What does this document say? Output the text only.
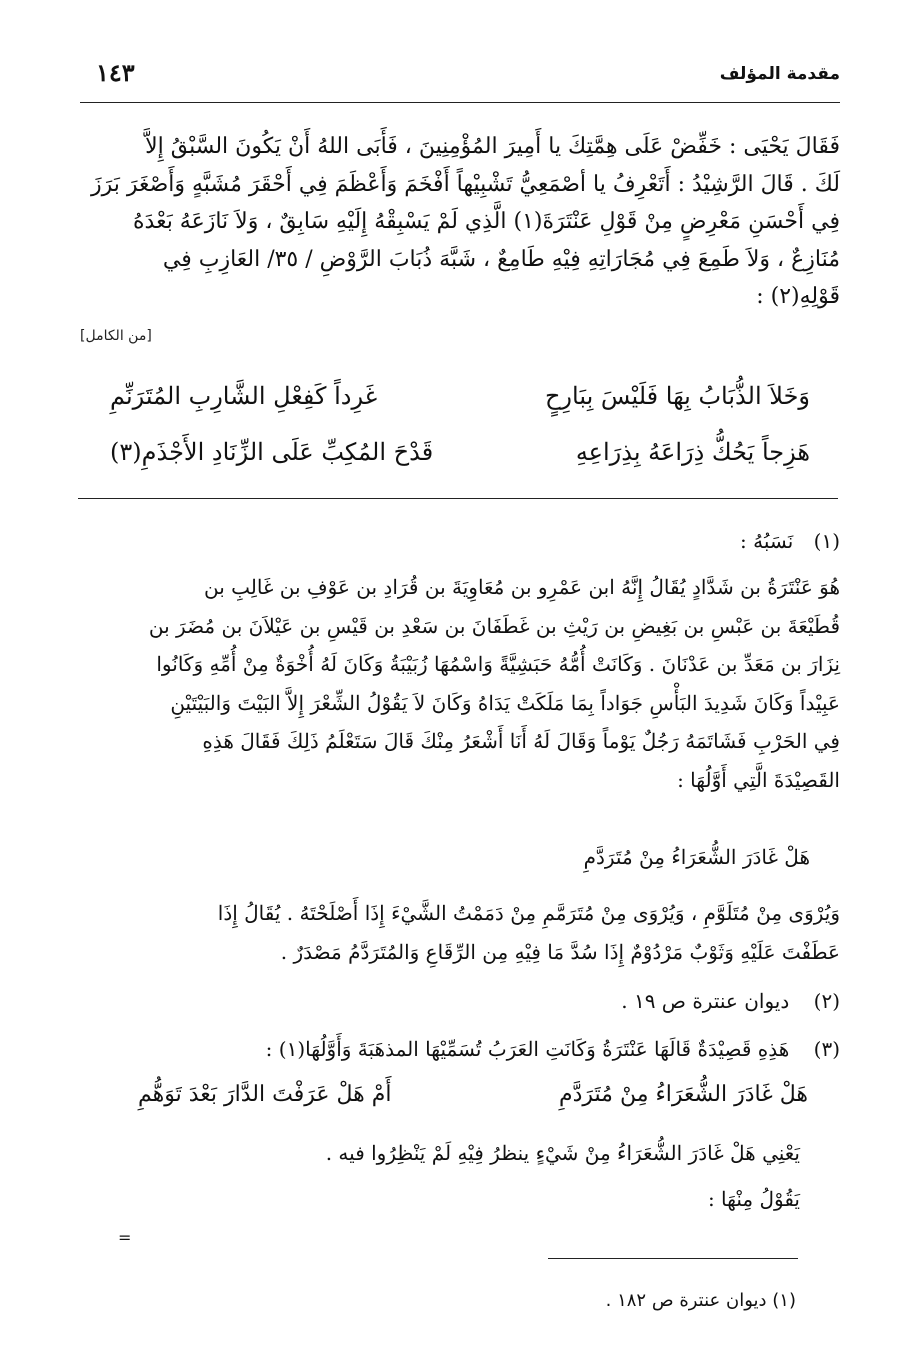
مقدمة المؤلف
١٤٣

فَقَالَ يَحْيَى : خَفِّضْ عَلَى هِمَّتِكَ يا أَمِيرَ المُؤْمِنِينَ ، فَأَبَى اللهُ أَنْ يَكُونَ السَّبْقُ إِلاَّ

لَكَ . قَالَ الرَّشِيْدُ : أَتَعْرِفُ يا أصْمَعِيُّ تَشْبِيْهاً أَفْخَمَ وَأَعْظَمَ فِي أَحْقَرَ مُشَبَّهٍ وَأَصْغَرَ بَرَزَ

فِي أَحْسَنِ مَعْرِضٍ مِنْ قَوْلِ عَنْتَرَةَ(١) الَّذِي لَمْ يَسْبِقْهُ إِلَيْهِ سَابِقٌ ، وَلاَ نَازَعَهُ بَعْدَهُ

مُنَازِعٌ ، وَلاَ طَمِعَ فِي مُجَارَاتِهِ فِيْهِ طَامِعٌ ، شَبَّهَ ذُبَابَ الرَّوْضِ / ٣٥/ العَازِبِ فِي

قَوْلِهِ(٢) :

[من الكامل]
وَخَلاَ الذُّبَابُ بِهَا فَلَيْسَ بِبَارِحٍ
غَرِداً كَفِعْلِ الشَّارِبِ المُتَرَنِّمِ
هَزِجاً يَحُكُّ ذِرَاعَهُ بِذِرَاعِهِ
قَدْحَ المُكِبِّ عَلَى الزِّنَادِ الأَجْذَمِ(٣)
(١) نَسَبُهُ :

هُوَ عَنْتَرَةُ بن شَدَّادٍ يُقَالُ إِنَّهُ ابن عَمْرِو بن مُعَاوِيَةَ بن قُرَادِ بن عَوْفِ بن غَالِبِ بن

قُطَيْعَةَ بن عَبْسِ بن بَغِيضِ بن رَيْثِ بن غَطَفَانَ بن سَعْدِ بن قَيْسِ بن عَيْلاَنَ بن مُضَرَ بن

نِزَارَ بن مَعَدِّ بن عَدْنَانَ . وَكَانَتْ أُمُّهُ حَبَشِيَّةً وَاسْمُهَا زُبَيْبَةُ وَكَانَ لَهُ أُخْوَةٌ مِنْ أُمِّهِ وَكَانُوا

عَبِيْداً وَكَانَ شَدِيدَ البَأْسِ جَوَاداً بِمَا مَلَكَتْ يَدَاهُ وَكَانَ لاَ يَقُوْلُ الشِّعْرَ إِلاَّ البَيْتَ وَالبَيْتَيْنِ

فِي الحَرْبِ فَشَاتَمَهُ رَجُلٌ يَوْماً وَقَالَ لَهُ أَنَا أَشْعَرُ مِنْكَ قَالَ سَتَعْلَمُ ذَلِكَ فَقَالَ هَذِهِ

القَصِيْدَةَ الَّتِي أَوَّلُهَا :

هَلْ غَادَرَ الشُّعَرَاءُ مِنْ مُتَرَدَّمِ

وَيُرْوَى مِنْ مُتَلَوَّمِ ، وَيُرْوَى مِنْ مُتَرَمَّمِ مِنْ دَمَمْتُ الشَّيْءَ إِذَا أَصْلَحْتَهُ . يُقَالُ إِذَا

عَطَفْتَ عَلَيْهِ وَثَوْبٌ مَرْدُوْمٌ إِذَا سُدَّ مَا فِيْهِ مِن الرِّقَاعِ وَالمُتَرَدَّمُ مَصْدَرٌ .

(٢) ديوان عنترة ص ١٩ .
(٣) هَذِهِ قَصِيْدَةٌ قَالَهَا عَنْتَرَةُ وَكَانَتِ العَرَبُ تُسَمِّيْهَا المذهَبَةَ وَأَوَّلُهَا(١) :
هَلْ غَادَرَ الشُّعَرَاءُ مِنْ مُتَرَدَّمِ
أَمْ هَلْ عَرَفْتَ الدَّارَ بَعْدَ تَوَهُّمِ
يَعْنِي هَلْ غَادَرَ الشُّعَرَاءُ مِنْ شَيْءٍ ينظرُ فِيْهِ لَمْ يَنْظِرُوا فيه .
يَقُوْلُ مِنْهَا :
=
(١) ديوان عنترة ص ١٨٢ .
